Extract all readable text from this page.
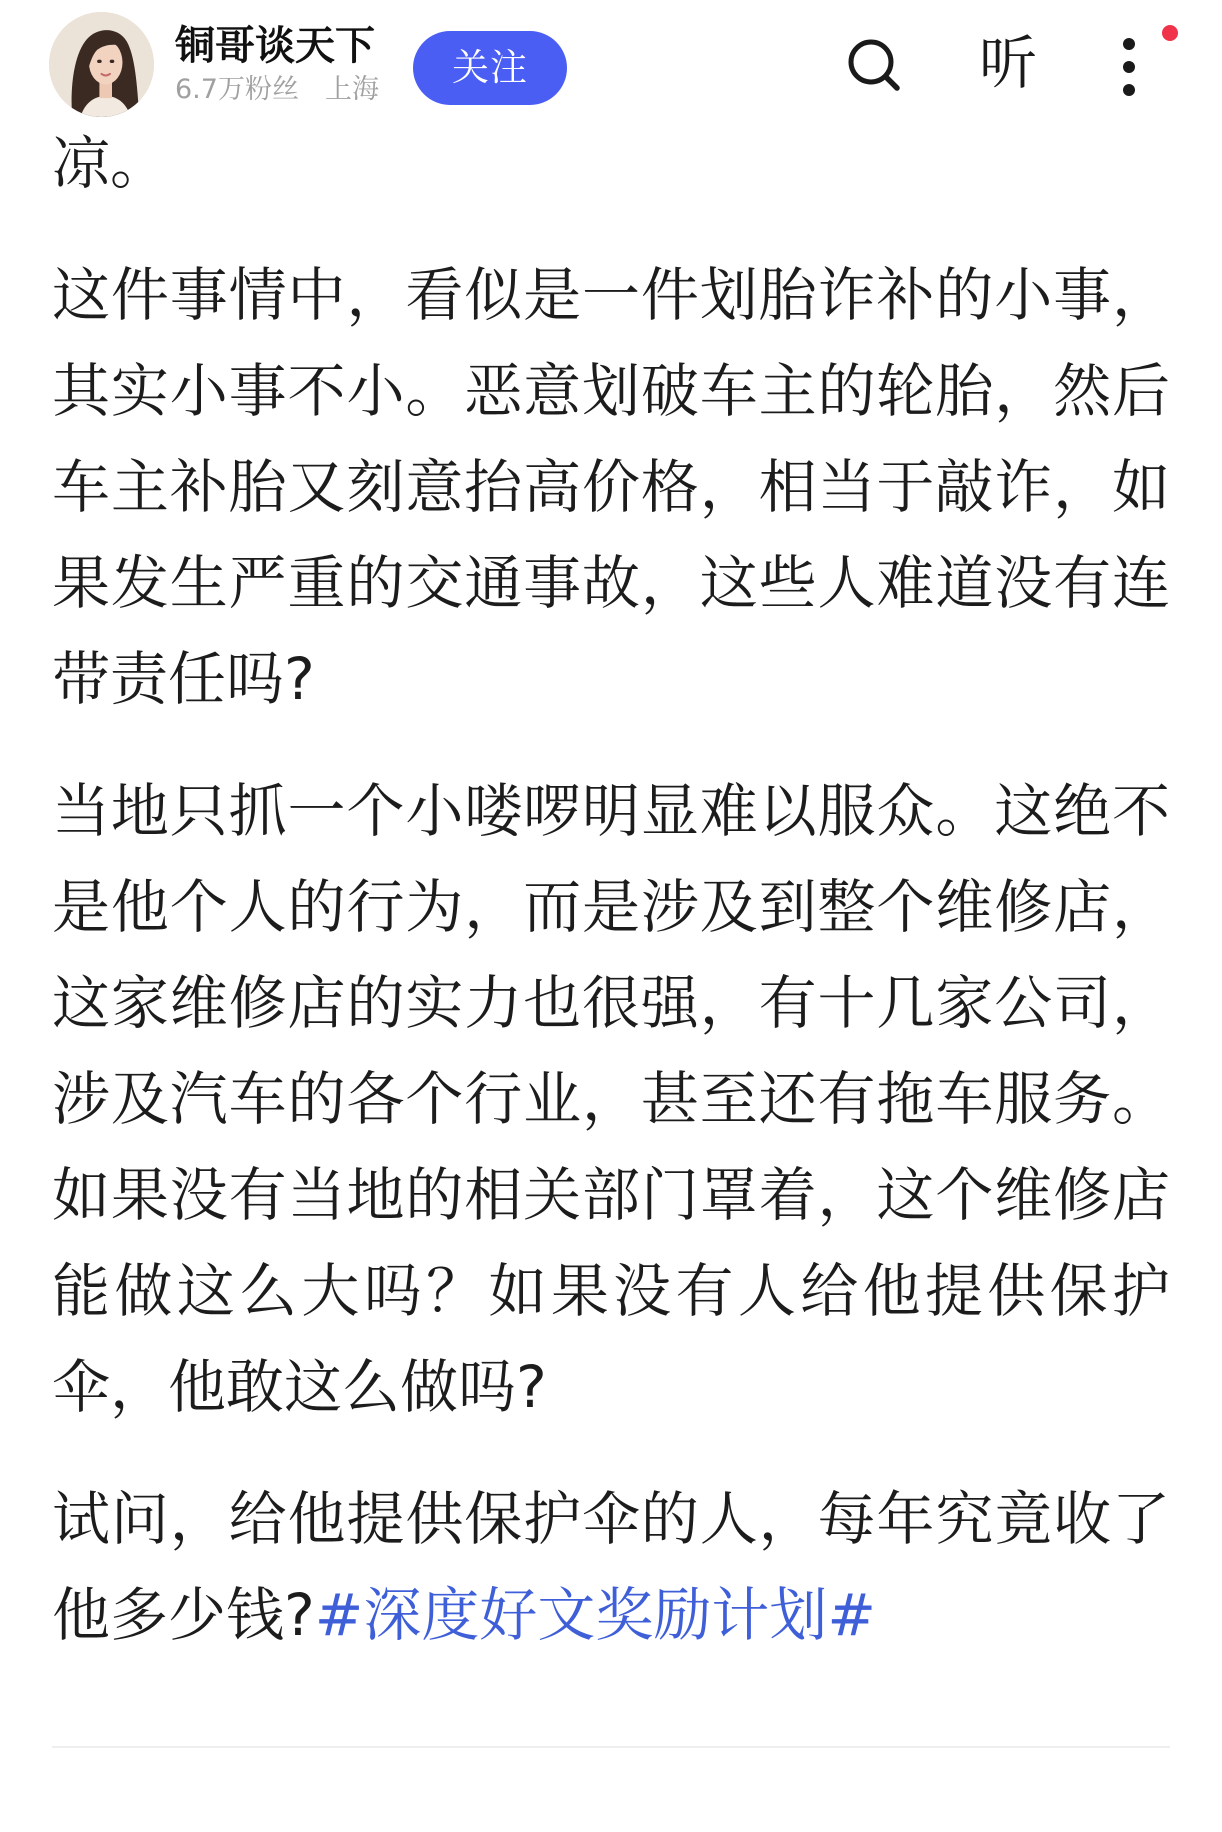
铜哥谈天下
6.7万粉丝 上海
关注	听
凉。
这件事情中，看似是一件划胎诈补的小事，
其实小事不小。恶意划破车主的轮胎，然后
车主补胎又刻意抬高价格，相当于敲诈，如
果发生严重的交通事故，这些人难道没有连
带责任吗?
当地只抓一个小喽啰明显难以服众。这绝不
是他个人的行为，而是涉及到整个维修店，
这家维修店的实力也很强，有十几家公司，
涉及汽车的各个行业，甚至还有拖车服务。
如果没有当地的相关部门罩着，这个维修店
能做这么大吗？如果没有人给他提供保护
伞，他敢这么做吗?
试问，给他提供保护伞的人，每年究竟收了
他多少钱?#深度好文奖励计划#
